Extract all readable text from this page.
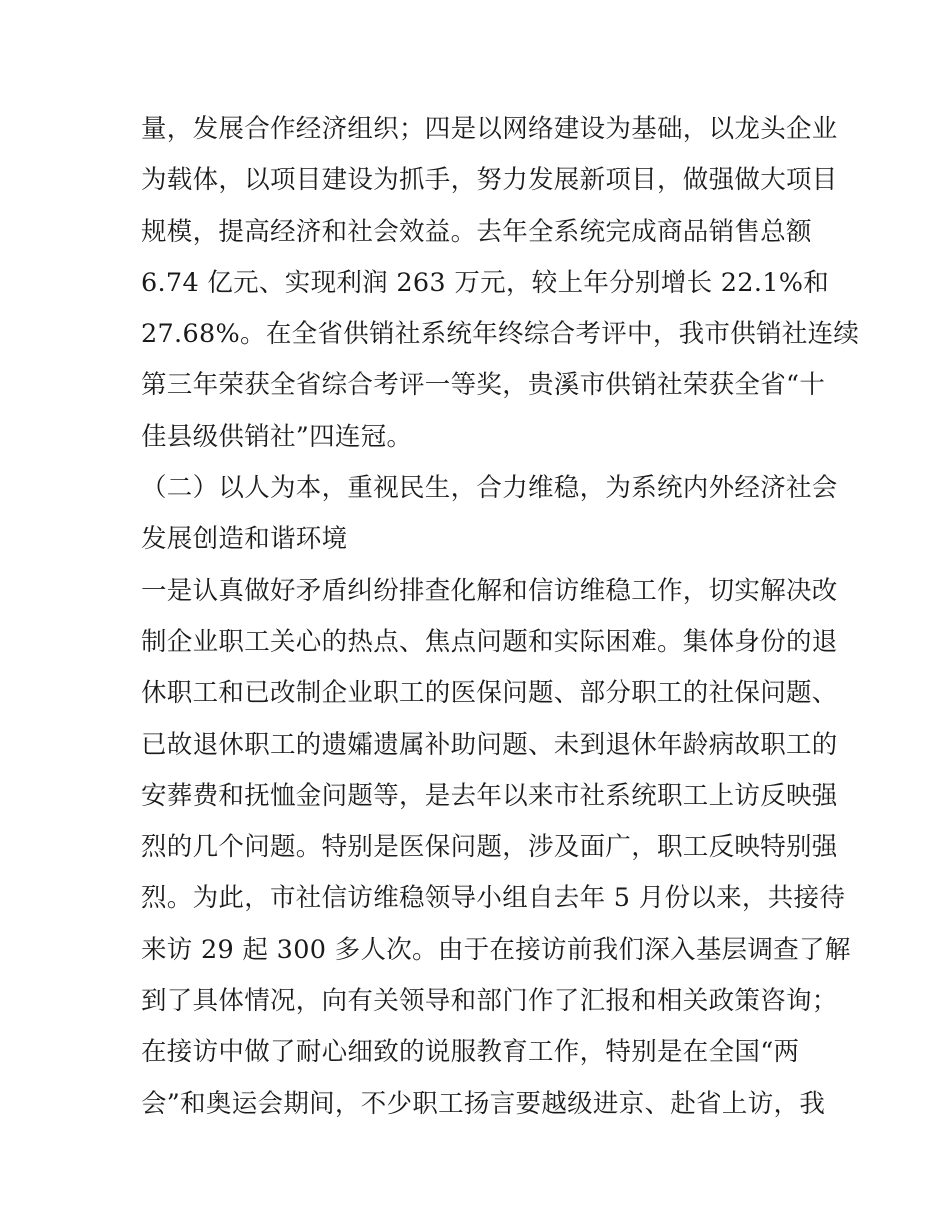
量，发展合作经济组织；四是以网络建设为基础，以龙头企业
为载体，以项目建设为抓手，努力发展新项目，做强做大项目
规模，提高经济和社会效益。去年全系统完成商品销售总额
6.74 亿元、实现利润 263 万元，较上年分别增长 22.1%和
27.68%。在全省供销社系统年终综合考评中，我市供销社连续
第三年荣获全省综合考评一等奖，贵溪市供销社荣获全省“十
佳县级供销社”四连冠。
（二）以人为本，重视民生，合力维稳，为系统内外经济社会
发展创造和谐环境
一是认真做好矛盾纠纷排查化解和信访维稳工作，切实解决改
制企业职工关心的热点、焦点问题和实际困难。集体身份的退
休职工和已改制企业职工的医保问题、部分职工的社保问题、
已故退休职工的遗孀遗属补助问题、未到退休年龄病故职工的
安葬费和抚恤金问题等，是去年以来市社系统职工上访反映强
烈的几个问题。特别是医保问题，涉及面广，职工反映特别强
烈。为此，市社信访维稳领导小组自去年 5 月份以来，共接待
来访 29 起 300 多人次。由于在接访前我们深入基层调查了解
到了具体情况，向有关领导和部门作了汇报和相关政策咨询；
在接访中做了耐心细致的说服教育工作，特别是在全国“两
会”和奥运会期间，不少职工扬言要越级进京、赴省上访，我
